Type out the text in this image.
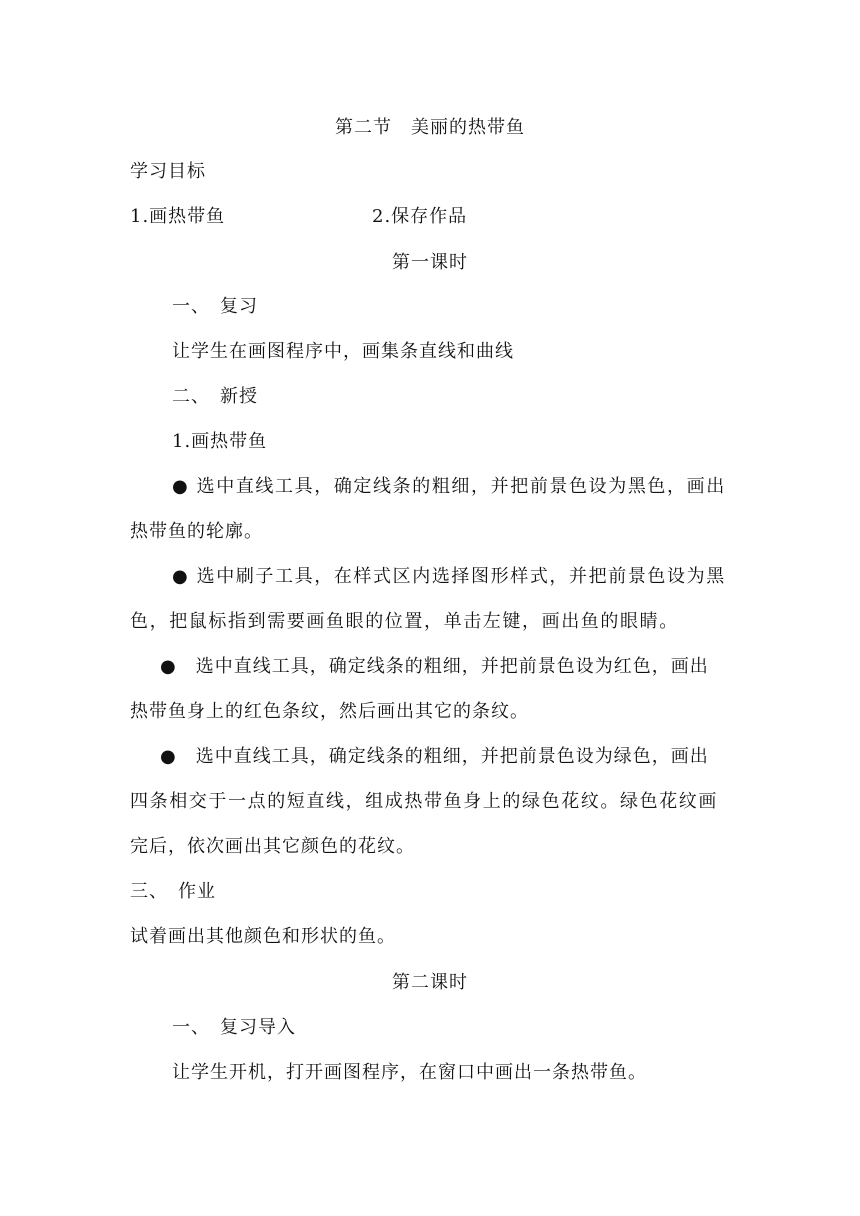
第二节　美丽的热带鱼
学习目标
1.画热带鱼	2.保存作品
第一课时
一、　复习
让学生在画图程序中，画集条直线和曲线
二、　新授
1.画热带鱼
● 选中直线工具，确定线条的粗细，并把前景色设为黑色，画出
热带鱼的轮廓。
● 选中刷子工具，在样式区内选择图形样式，并把前景色设为黑
色，把鼠标指到需要画鱼眼的位置，单击左键，画出鱼的眼睛。
●　选中直线工具，确定线条的粗细，并把前景色设为红色，画出
热带鱼身上的红色条纹，然后画出其它的条纹。
●　选中直线工具，确定线条的粗细，并把前景色设为绿色，画出
四条相交于一点的短直线，组成热带鱼身上的绿色花纹。绿色花纹画
完后，依次画出其它颜色的花纹。
三、　作业
试着画出其他颜色和形状的鱼。
第二课时
一、　复习导入
让学生开机，打开画图程序，在窗口中画出一条热带鱼。
